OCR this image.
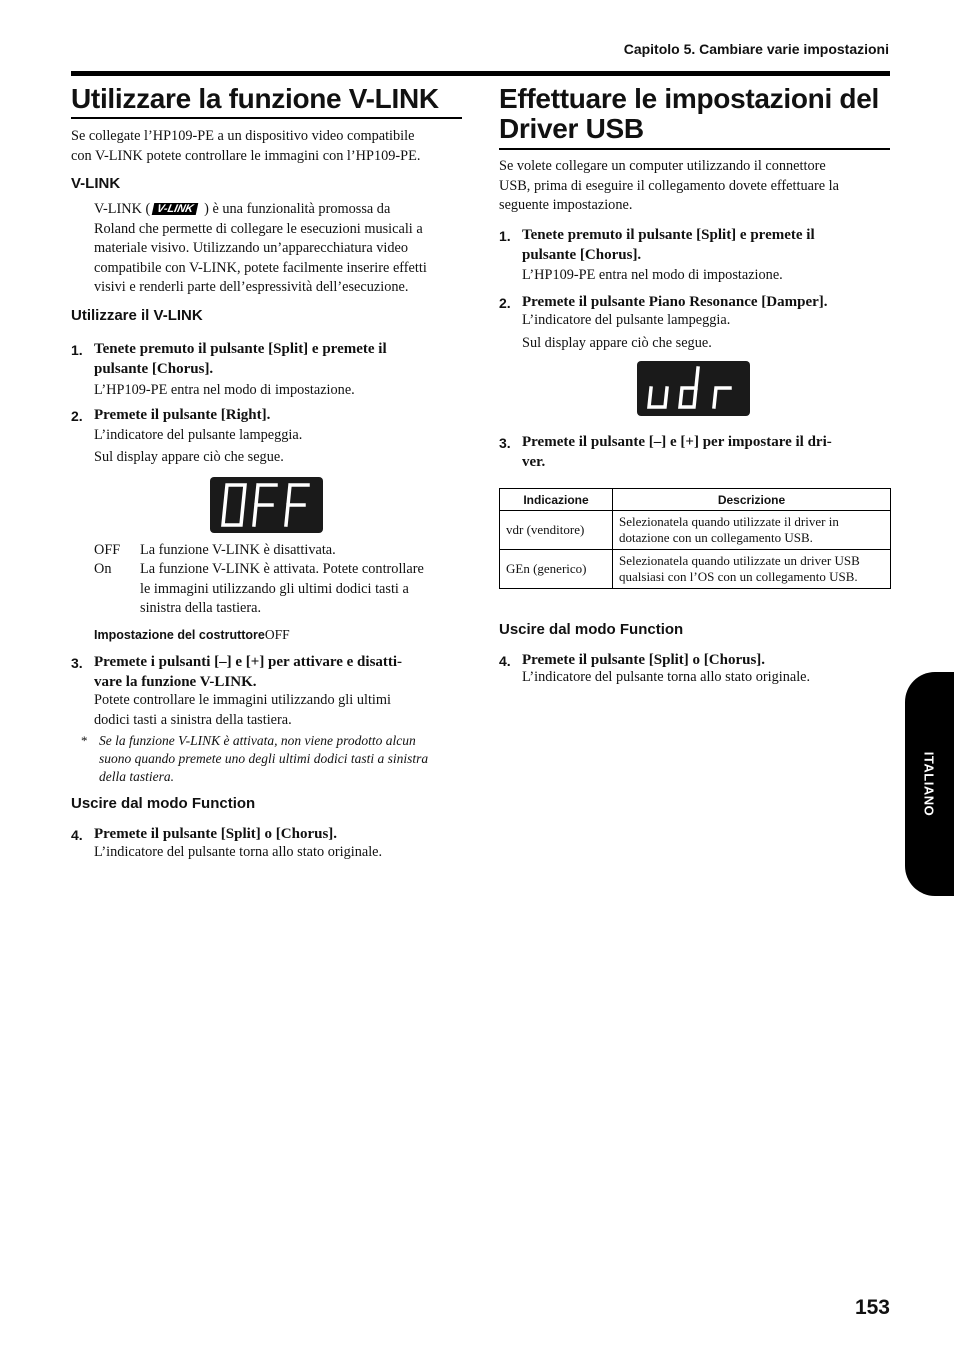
Capitolo 5. Cambiare varie impostazioni
Utilizzare la funzione V-LINK

Se collegate l’HP109-PE a un dispositivo video compatibile
con V-LINK potete controllare le immagini con l’HP109-PE.

V-LINK

V-LINK ( V-LINK ) è una funzionalità promossa da
Roland che permette di collegare le esecuzioni musicali a
materiale visivo. Utilizzando un’apparecchiatura video
compatibile con V-LINK, potete facilmente inserire effetti
visivi e renderli parte dell’espressività dell’esecuzione.

Utilizzare il V-LINK
1. Tenete premuto il pulsante [Split] e premete il
pulsante [Chorus].

L’HP109-PE entra nel modo di impostazione.

2. Premete il pulsante [Right].

L’indicatore del pulsante lampeggia.

Sul display appare ciò che segue.

OFF La funzione V-LINK è disattivata.

On La funzione V-LINK è attivata. Potete controllare
le immagini utilizzando gli ultimi dodici tasti a
sinistra della tastiera.

Impostazione del costruttoreOFF

3. Premete i pulsanti [–] e [+] per attivare e disatti-
vare la funzione V-LINK.

Potete controllare le immagini utilizzando gli ultimi
dodici tasti a sinistra della tastiera.

* Se la funzione V-LINK è attivata, non viene prodotto alcun
suono quando premete uno degli ultimi dodici tasti a sinistra
della tastiera.

Uscire dal modo Function
4. Premete il pulsante [Split] o [Chorus].

L’indicatore del pulsante torna allo stato originale.

Effettuare le impostazioni del
Driver USB

Se volete collegare un computer utilizzando il connettore
USB, prima di eseguire il collegamento dovete effettuare la
seguente impostazione.

1. Tenete premuto il pulsante [Split] e premete il
pulsante [Chorus].

L’HP109-PE entra nel modo di impostazione.

2. Premete il pulsante Piano Resonance [Damper].

L’indicatore del pulsante lampeggia.

Sul display appare ciò che segue.

3. Premete il pulsante [–] e [+] per impostare il dri-
ver.

Indicazione	Descrizione
vdr (venditore)	Selezionatela quando utilizzate il driver in
dotazione con un collegamento USB.
GEn (generico)	Selezionatela quando utilizzate un driver USB
qualsiasi con l’OS con un collegamento USB.
Uscire dal modo Function
4. Premete il pulsante [Split] o [Chorus].

L’indicatore del pulsante torna allo stato originale.

ITALIANO
153
